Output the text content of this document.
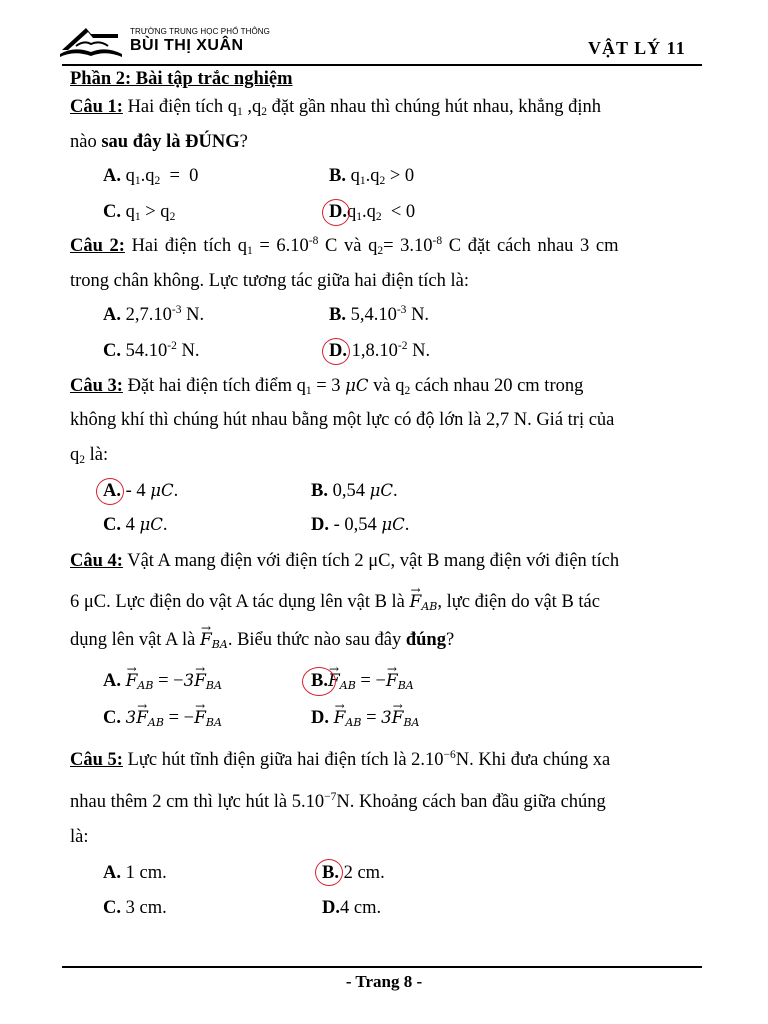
TRƯỜNG TRUNG HỌC PHỔ THÔNG
BÙI THỊ XUÂN	VẬT LÝ 11
Phần 2: Bài tập trắc nghiệm
Câu 1: Hai điện tích $q_1$ $,q_2$ đặt gần nhau thì chúng hút nhau, khẳng định
nào sau đây là ĐÚNG?
A. $q_1.q_2 = 0$	B. $q_1.q_2 > 0$
C. $q_1 > q_2$	$D.q_1.q_2 < 0$
Câu 2: Hai điện tích $q_1 = 6.10^{-8}$ C và $q_2= 3.10^{-8}$ C đặt cách nhau 3 cm
trong chân không. Lực tương tác giữa hai điện tích là:
A. $2,7.10^{-3}$ N.	B. $5,4.10^{-3}$ N.
C. $54.10^{-2}$ N.	D. $1,8.10^{-2}$ N.
Câu 3: Đặt hai điện tích điểm $q_1 = 3$ μC và $q_2$ cách nhau 20 cm trong
không khí thì chúng hút nhau bằng một lực có độ lớn là 2,7 N. Giá trị của
$q_2$ là:
A. - 4 μC.	B. 0,54 μC.
C. 4 μC.	D. - 0,54 μC.
Câu 4: Vật A mang điện với điện tích 2 μC, vật B mang điện với điện tích
6 μC. Lực điện do vật A tác dụng lên vật B là → $F_{AB}$, lực điện do vật B tác
dụng lên vật A là → $F_{BA}$. Biểu thức nào sau đây đúng?
A. → $F_{AB} = -3\to F_{BA}$	$B.\to F_{AB}$ = −→ $F_{BA}$
C. $3\to F_{AB}$ = −→ $F_{BA}$	D. → $F_{AB} = 3\to F_{BA}$
Câu 5: Lực hút tĩnh điện giữa hai điện tích là $2.10^{-6}N$. Khi đưa chúng xa
nhau thêm 2 cm thì lực hút là $5.10^{-7}N$. Khoảng cách ban đầu giữa chúng
là:
A. 1 cm.	B. 2 cm.
C. 3 cm.	D.4 cm.
- Trang 8 -
